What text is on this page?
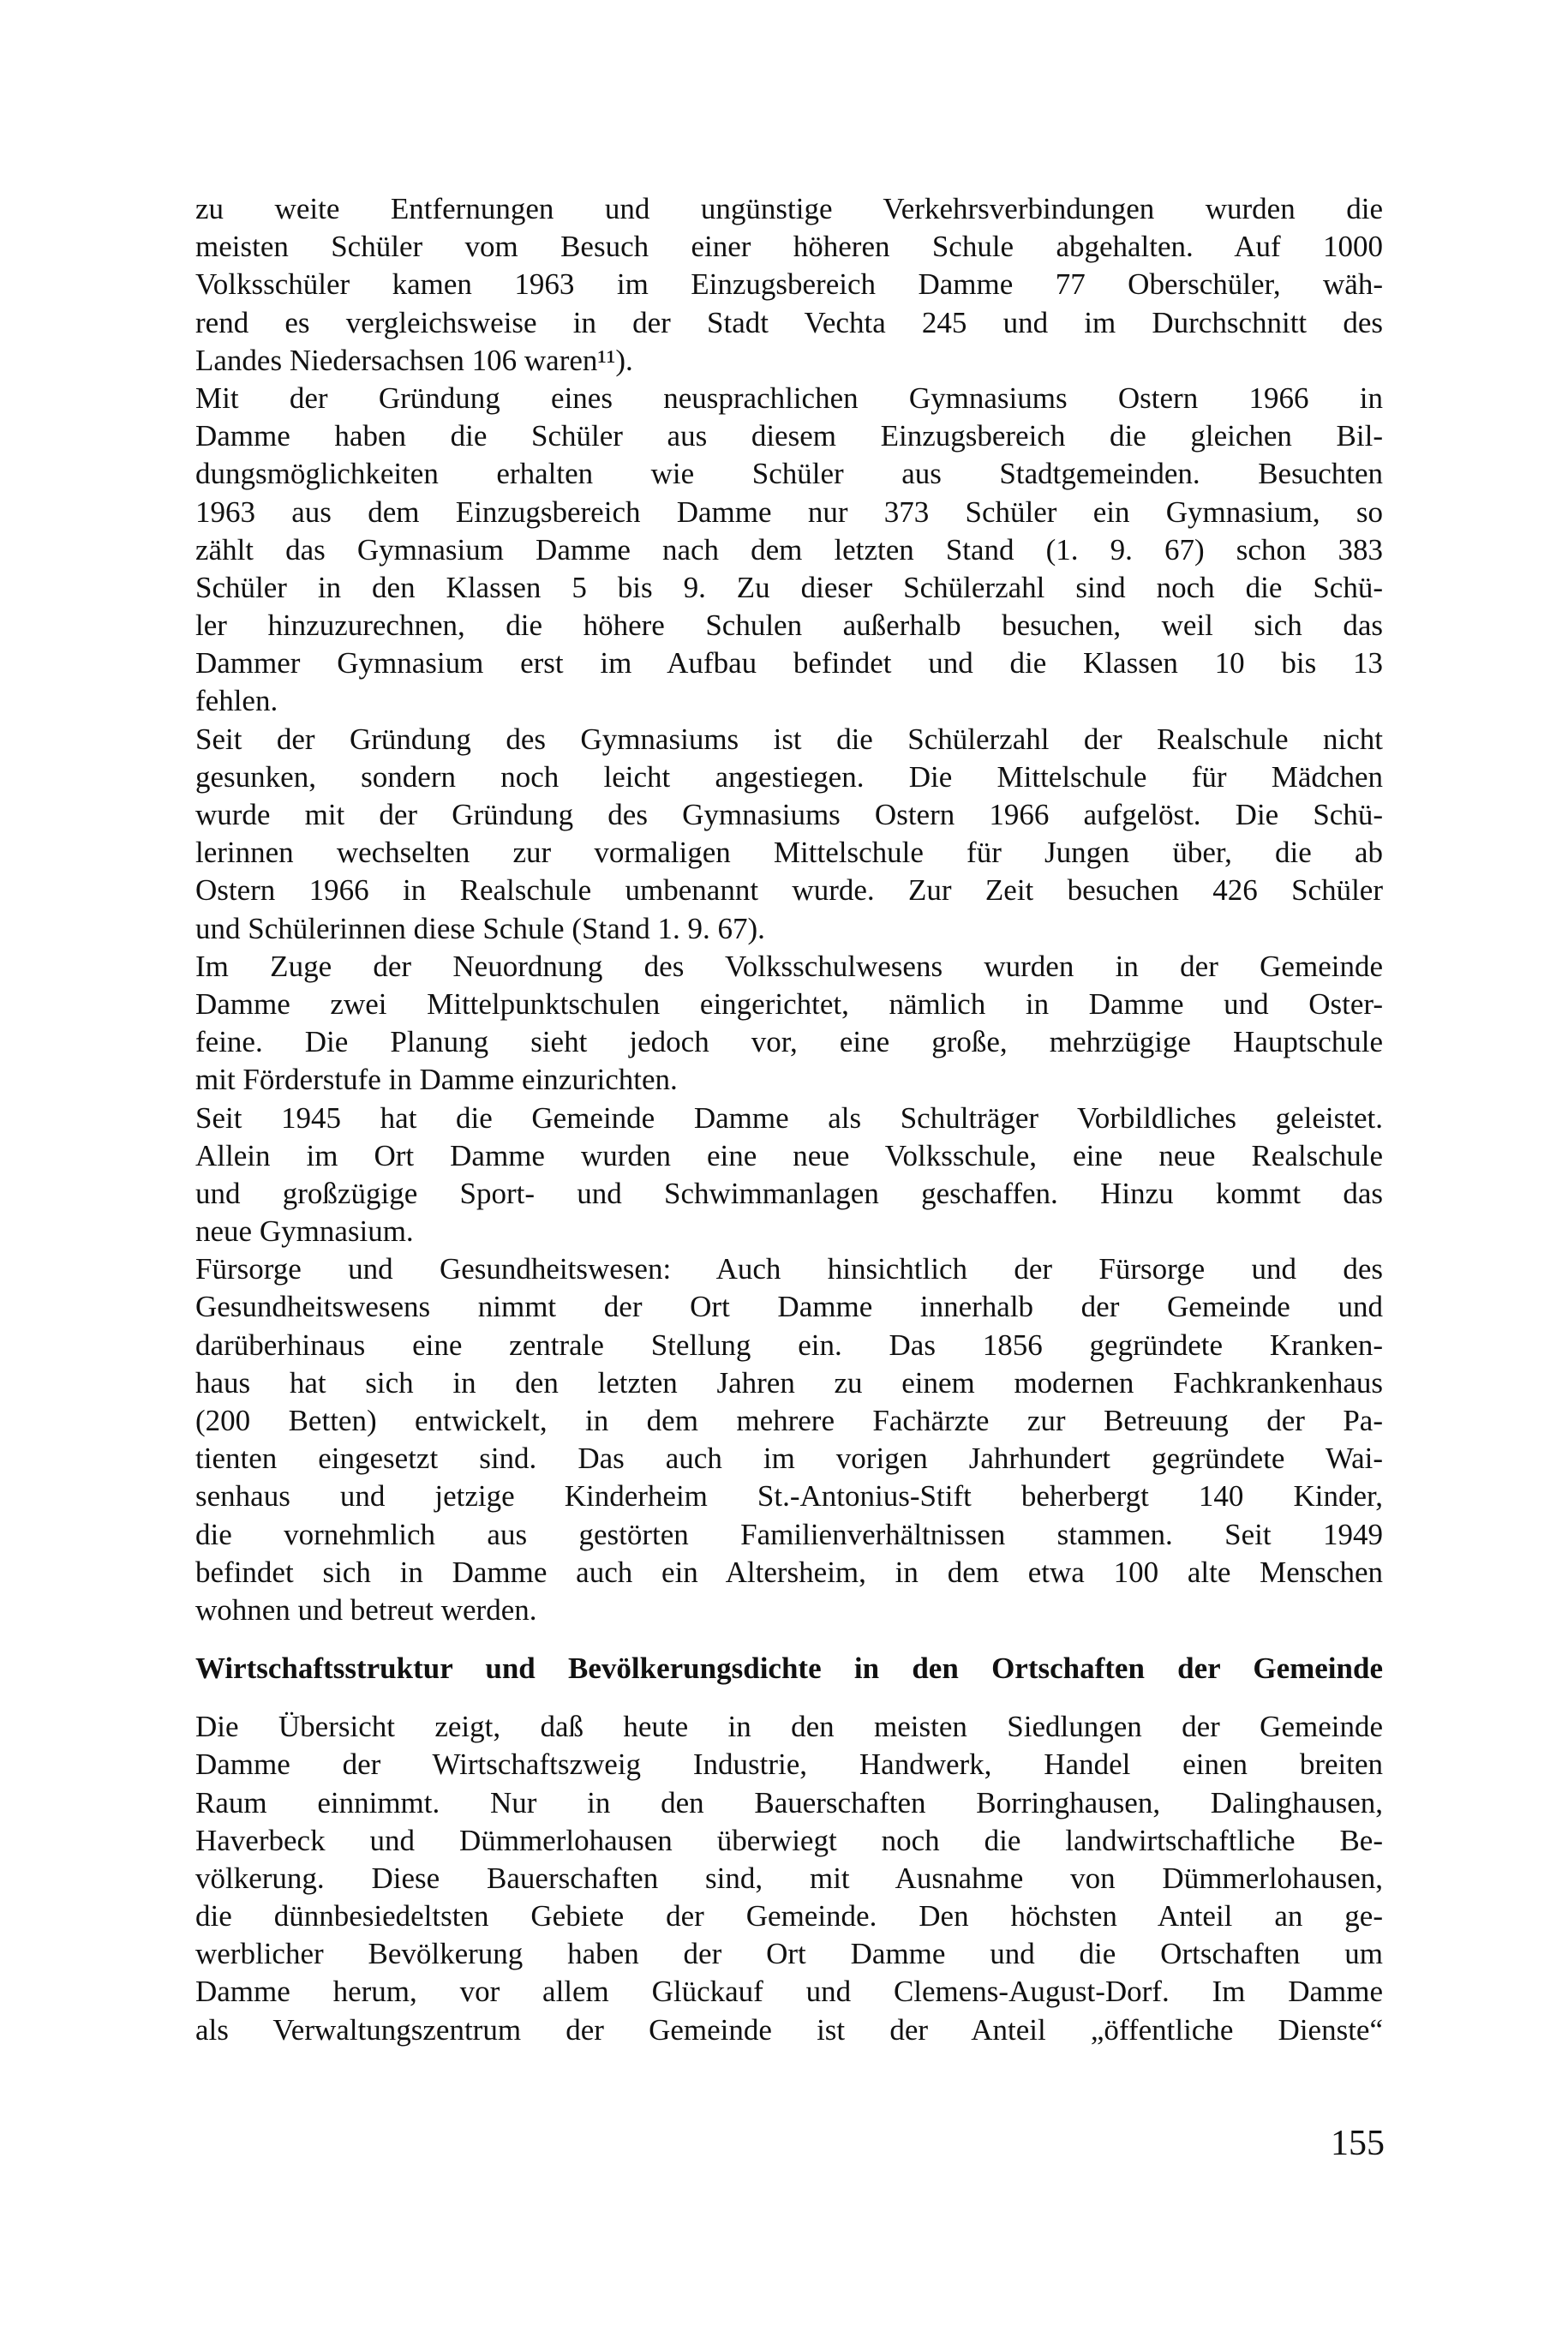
zu weite Entfernungen und ungünstige Verkehrsverbindungen wurden die
meisten Schüler vom Besuch einer höheren Schule abgehalten. Auf 1000
Volksschüler kamen 1963 im Einzugsbereich Damme 77 Oberschüler, wäh-
rend es vergleichsweise in der Stadt Vechta 245 und im Durchschnitt des
Landes Niedersachsen 106 waren¹¹).
Mit der Gründung eines neusprachlichen Gymnasiums Ostern 1966 in
Damme haben die Schüler aus diesem Einzugsbereich die gleichen Bil-
dungsmöglichkeiten erhalten wie Schüler aus Stadtgemeinden. Besuchten
1963 aus dem Einzugsbereich Damme nur 373 Schüler ein Gymnasium, so
zählt das Gymnasium Damme nach dem letzten Stand (1. 9. 67) schon 383
Schüler in den Klassen 5 bis 9. Zu dieser Schülerzahl sind noch die Schü-
ler hinzuzurechnen, die höhere Schulen außerhalb besuchen, weil sich das
Dammer Gymnasium erst im Aufbau befindet und die Klassen 10 bis 13
fehlen.
Seit der Gründung des Gymnasiums ist die Schülerzahl der Realschule nicht
gesunken, sondern noch leicht angestiegen. Die Mittelschule für Mädchen
wurde mit der Gründung des Gymnasiums Ostern 1966 aufgelöst. Die Schü-
lerinnen wechselten zur vormaligen Mittelschule für Jungen über, die ab
Ostern 1966 in Realschule umbenannt wurde. Zur Zeit besuchen 426 Schüler
und Schülerinnen diese Schule (Stand 1. 9. 67).
Im Zuge der Neuordnung des Volksschulwesens wurden in der Gemeinde
Damme zwei Mittelpunktschulen eingerichtet, nämlich in Damme und Oster-
feine. Die Planung sieht jedoch vor, eine große, mehrzügige Hauptschule
mit Förderstufe in Damme einzurichten.
Seit 1945 hat die Gemeinde Damme als Schulträger Vorbildliches geleistet.
Allein im Ort Damme wurden eine neue Volksschule, eine neue Realschule
und großzügige Sport- und Schwimmanlagen geschaffen. Hinzu kommt das
neue Gymnasium.
Fürsorge und Gesundheitswesen: Auch hinsichtlich der Fürsorge und des
Gesundheitswesens nimmt der Ort Damme innerhalb der Gemeinde und
darüberhinaus eine zentrale Stellung ein. Das 1856 gegründete Kranken-
haus hat sich in den letzten Jahren zu einem modernen Fachkrankenhaus
(200 Betten) entwickelt, in dem mehrere Fachärzte zur Betreuung der Pa-
tienten eingesetzt sind. Das auch im vorigen Jahrhundert gegründete Wai-
senhaus und jetzige Kinderheim St.-Antonius-Stift beherbergt 140 Kinder,
die vornehmlich aus gestörten Familienverhältnissen stammen. Seit 1949
befindet sich in Damme auch ein Altersheim, in dem etwa 100 alte Menschen
wohnen und betreut werden.
Wirtschaftsstruktur und Bevölkerungsdichte in den Ortschaften der Gemeinde
Die Übersicht zeigt, daß heute in den meisten Siedlungen der Gemeinde
Damme der Wirtschaftszweig Industrie, Handwerk, Handel einen breiten
Raum einnimmt. Nur in den Bauerschaften Borringhausen, Dalinghausen,
Haverbeck und Dümmerlohausen überwiegt noch die landwirtschaftliche Be-
völkerung. Diese Bauerschaften sind, mit Ausnahme von Dümmerlohausen,
die dünnbesiedeltsten Gebiete der Gemeinde. Den höchsten Anteil an ge-
werblicher Bevölkerung haben der Ort Damme und die Ortschaften um
Damme herum, vor allem Glückauf und Clemens-August-Dorf. Im Damme
als Verwaltungszentrum der Gemeinde ist der Anteil „öffentliche Dienste“
155
